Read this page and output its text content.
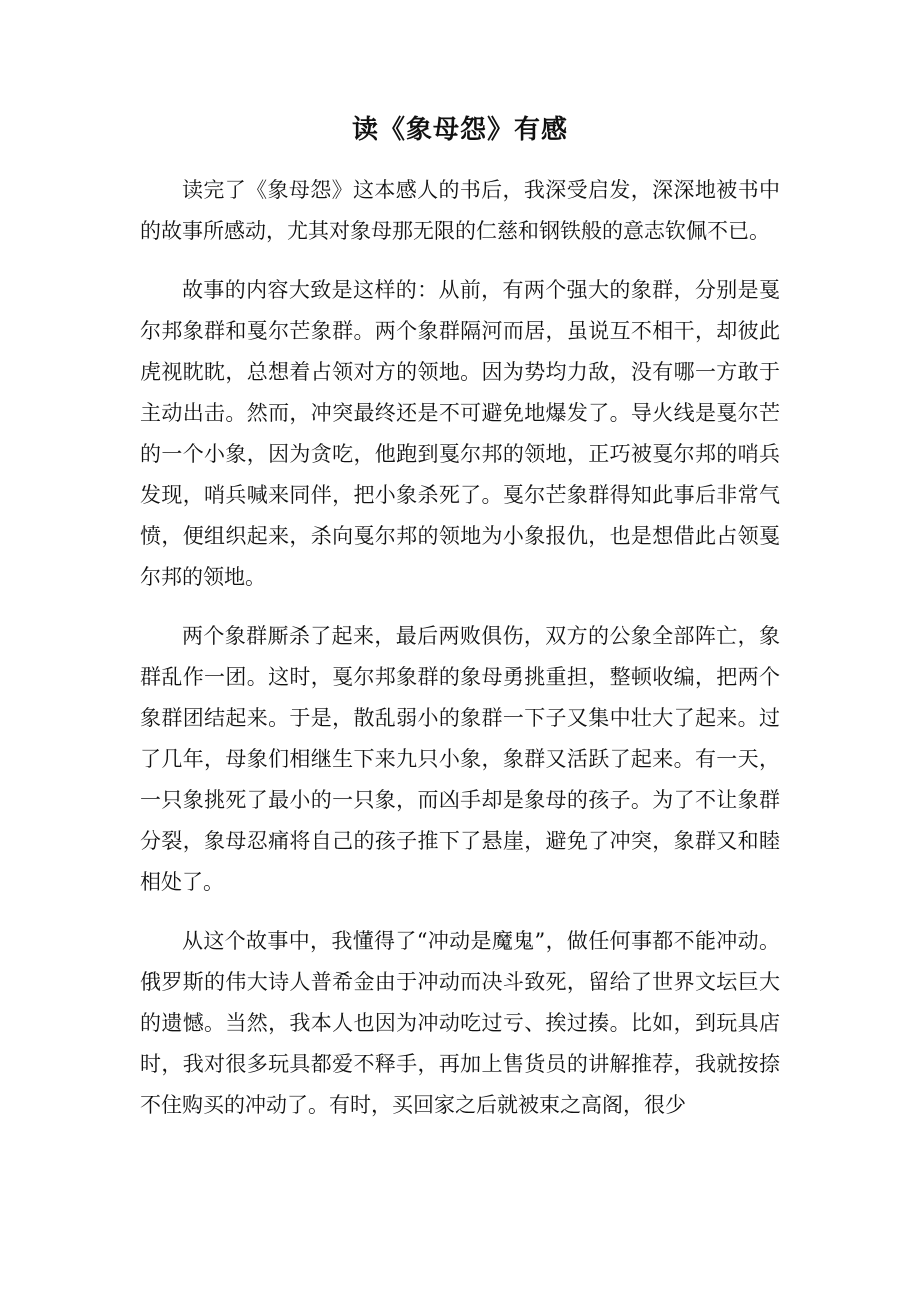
读《象母怨》有感

读完了《象母怨》这本感人的书后，我深受启发，深深地被书中的故事所感动，尤其对象母那无限的仁慈和钢铁般的意志钦佩不已。

故事的内容大致是这样的：从前，有两个强大的象群，分别是戛尔邦象群和戛尔芒象群。两个象群隔河而居，虽说互不相干，却彼此虎视眈眈，总想着占领对方的领地。因为势均力敌，没有哪一方敢于主动出击。然而，冲突最终还是不可避免地爆发了。导火线是戛尔芒的一个小象，因为贪吃，他跑到戛尔邦的领地，正巧被戛尔邦的哨兵发现，哨兵喊来同伴，把小象杀死了。戛尔芒象群得知此事后非常气愤，便组织起来，杀向戛尔邦的领地为小象报仇，也是想借此占领戛尔邦的领地。

两个象群厮杀了起来，最后两败俱伤，双方的公象全部阵亡，象群乱作一团。这时，戛尔邦象群的象母勇挑重担，整顿收编，把两个象群团结起来。于是，散乱弱小的象群一下子又集中壮大了起来。过了几年，母象们相继生下来九只小象，象群又活跃了起来。有一天，一只象挑死了最小的一只象，而凶手却是象母的孩子。为了不让象群分裂，象母忍痛将自己的孩子推下了悬崖，避免了冲突，象群又和睦相处了。

从这个故事中，我懂得了“冲动是魔鬼”，做任何事都不能冲动。俄罗斯的伟大诗人普希金由于冲动而决斗致死，留给了世界文坛巨大的遗憾。当然，我本人也因为冲动吃过亏、挨过揍。比如，到玩具店时，我对很多玩具都爱不释手，再加上售货员的讲解推荐，我就按捺不住购买的冲动了。有时，买回家之后就被束之高阁，很少
